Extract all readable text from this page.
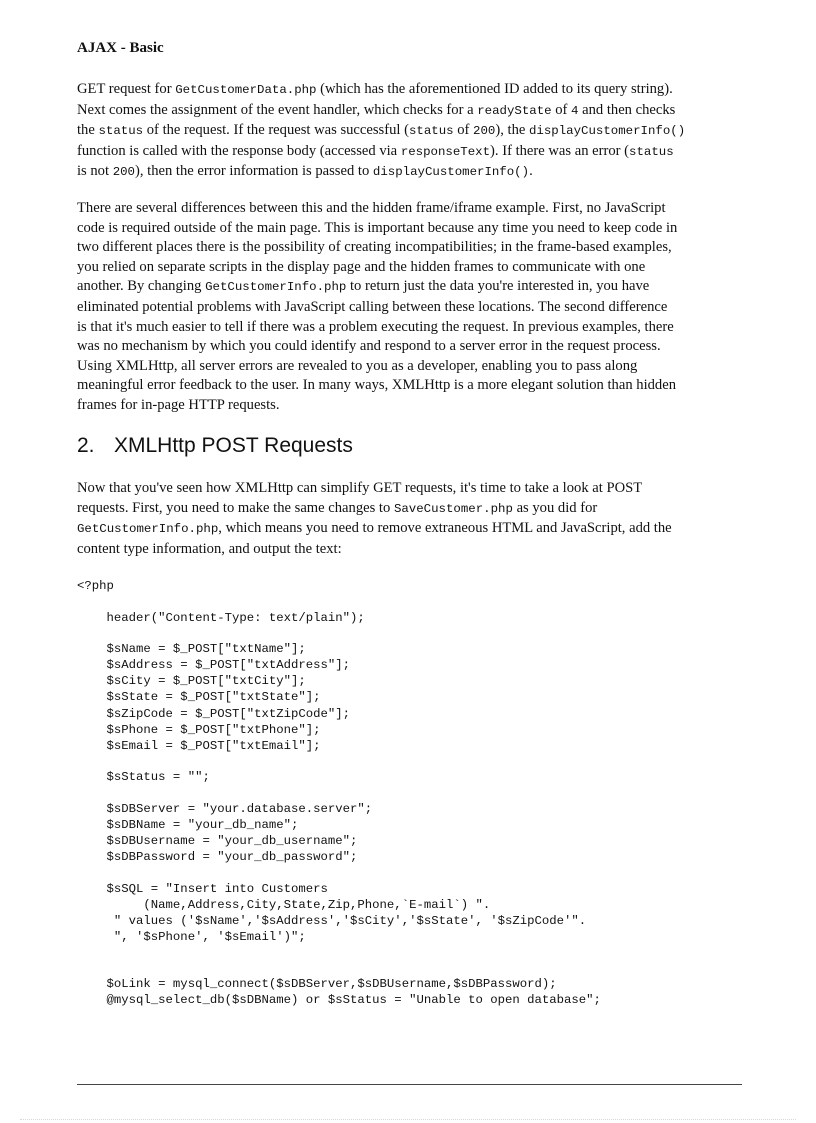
AJAX - Basic
GET request for GetCustomerData.php (which has the aforementioned ID added to its query string).
Next comes the assignment of the event handler, which checks for a readyState of 4 and then checks
the status of the request. If the request was successful (status of 200), the displayCustomerInfo()
function is called with the response body (accessed via responseText). If there was an error (status
is not 200), then the error information is passed to displayCustomerInfo().
There are several differences between this and the hidden frame/iframe example. First, no JavaScript
code is required outside of the main page. This is important because any time you need to keep code in
two different places there is the possibility of creating incompatibilities; in the frame-based examples,
you relied on separate scripts in the display page and the hidden frames to communicate with one
another. By changing GetCustomerInfo.php to return just the data you're interested in, you have
eliminated potential problems with JavaScript calling between these locations. The second difference
is that it's much easier to tell if there was a problem executing the request. In previous examples, there
was no mechanism by which you could identify and respond to a server error in the request process.
Using XMLHttp, all server errors are revealed to you as a developer, enabling you to pass along
meaningful error feedback to the user. In many ways, XMLHttp is a more elegant solution than hidden
frames for in-page HTTP requests.
2. XMLHttp POST Requests
Now that you've seen how XMLHttp can simplify GET requests, it's time to take a look at POST
requests. First, you need to make the same changes to SaveCustomer.php as you did for
GetCustomerInfo.php, which means you need to remove extraneous HTML and JavaScript, add the
content type information, and output the text:
<?php
header("Content-Type: text/plain");
$sName = $_POST["txtName"];
$sAddress = $_POST["txtAddress"];
$sCity = $_POST["txtCity"];
$sState = $_POST["txtState"];
$sZipCode = $_POST["txtZipCode"];
$sPhone = $_POST["txtPhone"];
$sEmail = $_POST["txtEmail"];
$sStatus = "";
$sDBServer = "your.database.server";
$sDBName = "your_db_name";
$sDBUsername = "your_db_username";
$sDBPassword = "your_db_password";
$sSQL = "Insert into Customers
(Name,Address,City,State,Zip,Phone,`E-mail`) ".
" values ('$sName','$sAddress','$sCity','$sState', '$sZipCode'".
", '$sPhone', '$sEmail')";
$oLink = mysql_connect($sDBServer,$sDBUsername,$sDBPassword);
@mysql_select_db($sDBName) or $sStatus = "Unable to open database";
